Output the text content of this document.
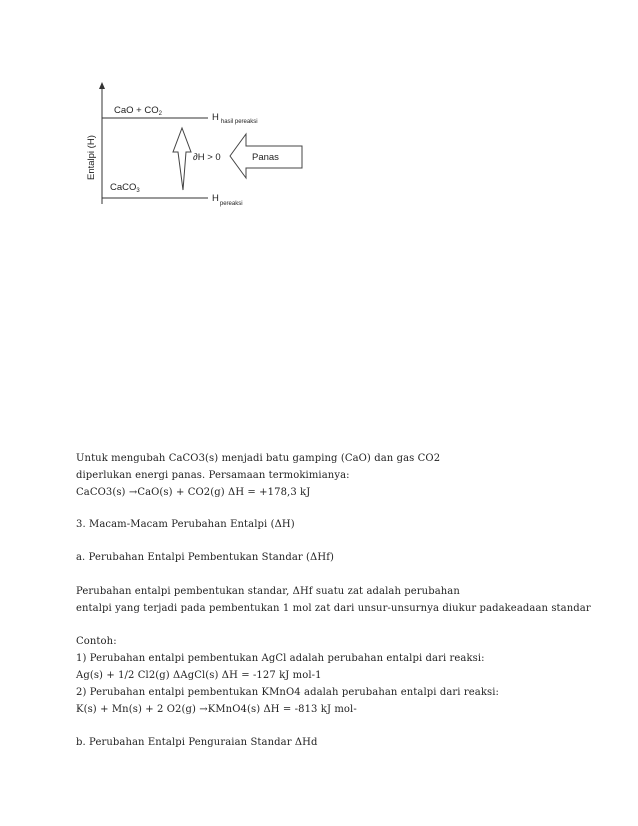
Entalpi (H)
CaO + $CO_2$	H $_{hasil pereaksi}$
CaCO$_3$
$H_{pereaksi}$
∂H > 0	Panas
Untuk mengubah CaCO3(s) menjadi batu gamping (CaO) dan gas CO2
diperlukan energi panas. Persamaan termokimianya:
CaCO3(s) →CaO(s) + CO2(g) ΔH = +178,3 kJ
3. Macam-Macam Perubahan Entalpi (ΔH)
a. Perubahan Entalpi Pembentukan Standar (ΔHf)
Perubahan entalpi pembentukan standar, ΔHf suatu zat adalah perubahan
entalpi yang terjadi pada pembentukan 1 mol zat dari unsur-unsurnya diukur padakeadaan standar
Contoh:
1) Perubahan entalpi pembentukan AgCl adalah perubahan entalpi dari reaksi:
Ag(s) + 1/2 Cl2(g) ΔAgCl(s) ΔH = -127 kJ mol-1
2) Perubahan entalpi pembentukan KMnO4 adalah perubahan entalpi dari reaksi:
K(s) + Mn(s) + 2 O2(g) →KMnO4(s) ΔH = -813 kJ mol-
b. Perubahan Entalpi Penguraian Standar ΔHd
